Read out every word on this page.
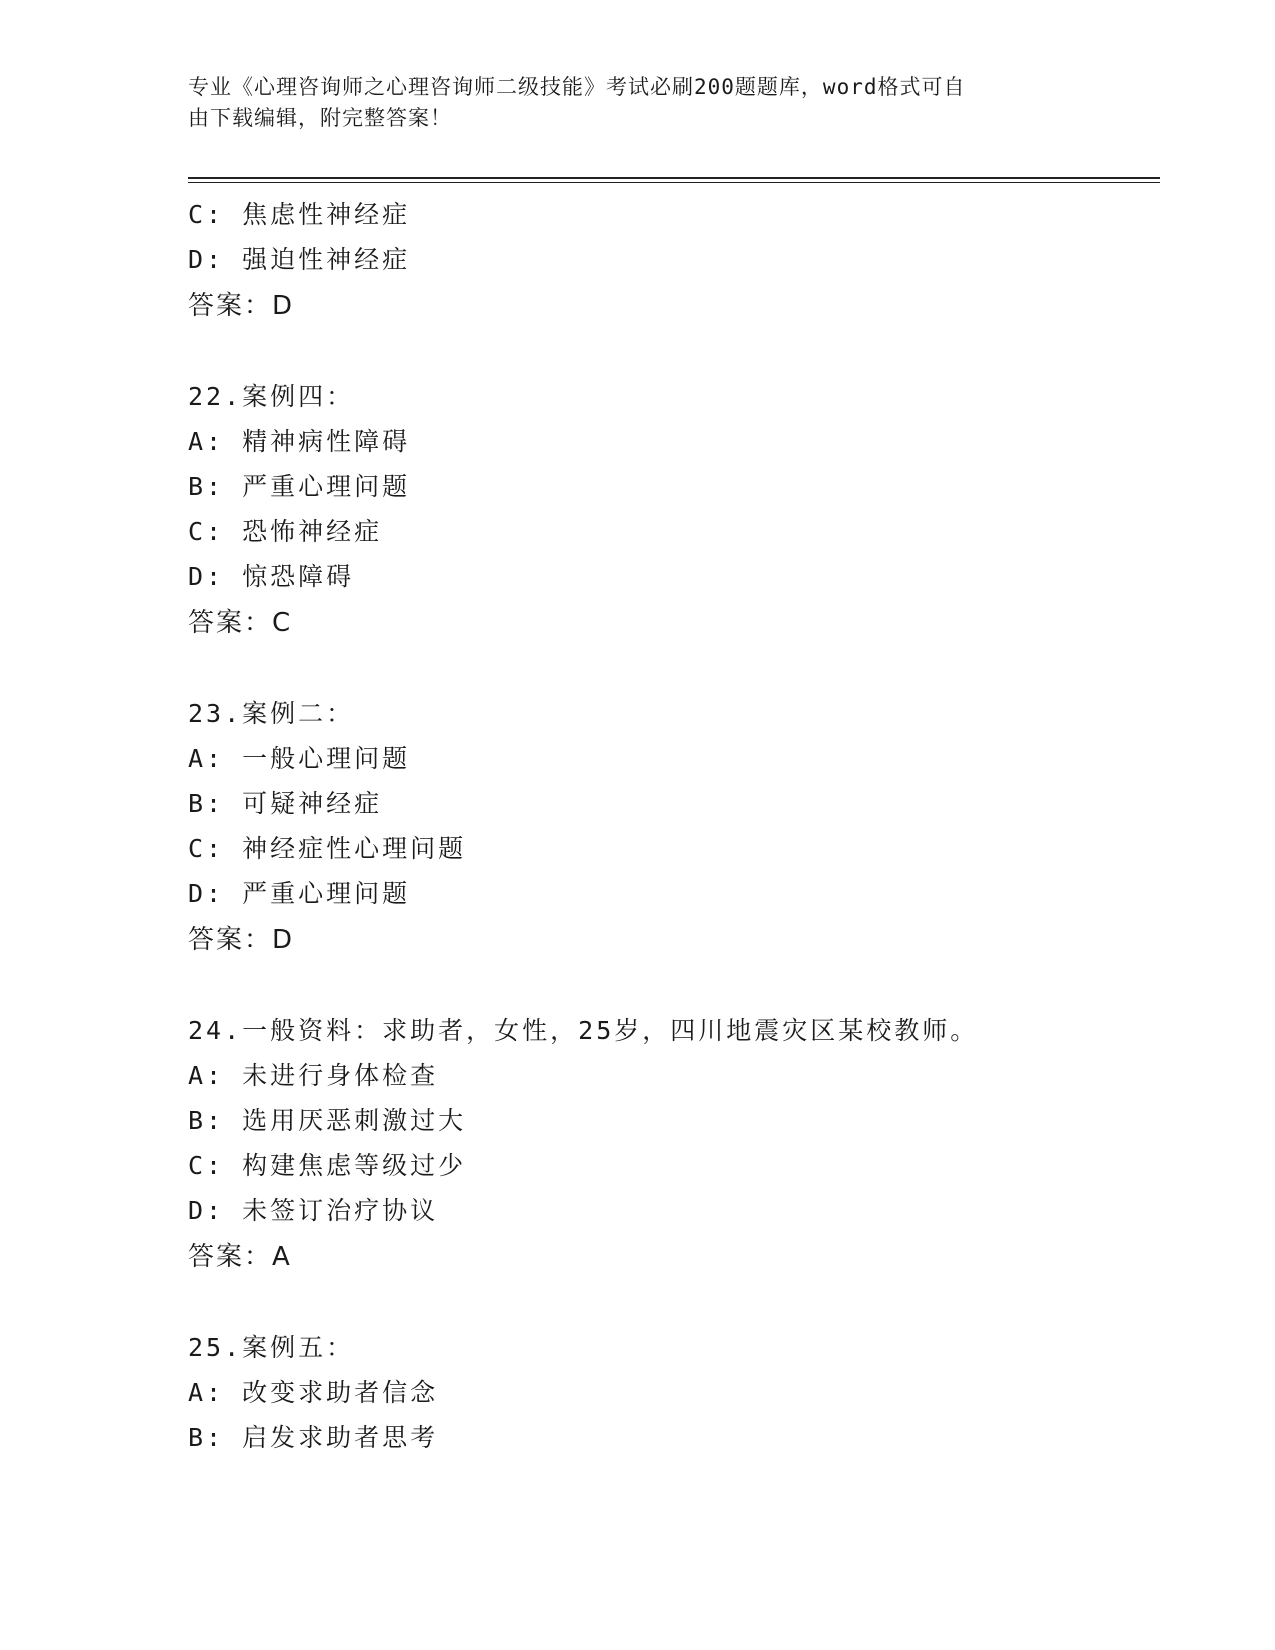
专业《心理咨询师之心理咨询师二级技能》考试必刷200题题库，word格式可自
由下载编辑，附完整答案！
C: 焦虑性神经症
D: 强迫性神经症
答案：D
22.案例四：
A: 精神病性障碍
B: 严重心理问题
C: 恐怖神经症
D: 惊恐障碍
答案：C
23.案例二：
A: 一般心理问题
B: 可疑神经症
C: 神经症性心理问题
D: 严重心理问题
答案：D
24.一般资料：求助者，女性，25岁，四川地震灾区某校教师。
A: 未进行身体检查
B: 选用厌恶刺激过大
C: 构建焦虑等级过少
D: 未签订治疗协议
答案：A
25.案例五：
A: 改变求助者信念
B: 启发求助者思考
